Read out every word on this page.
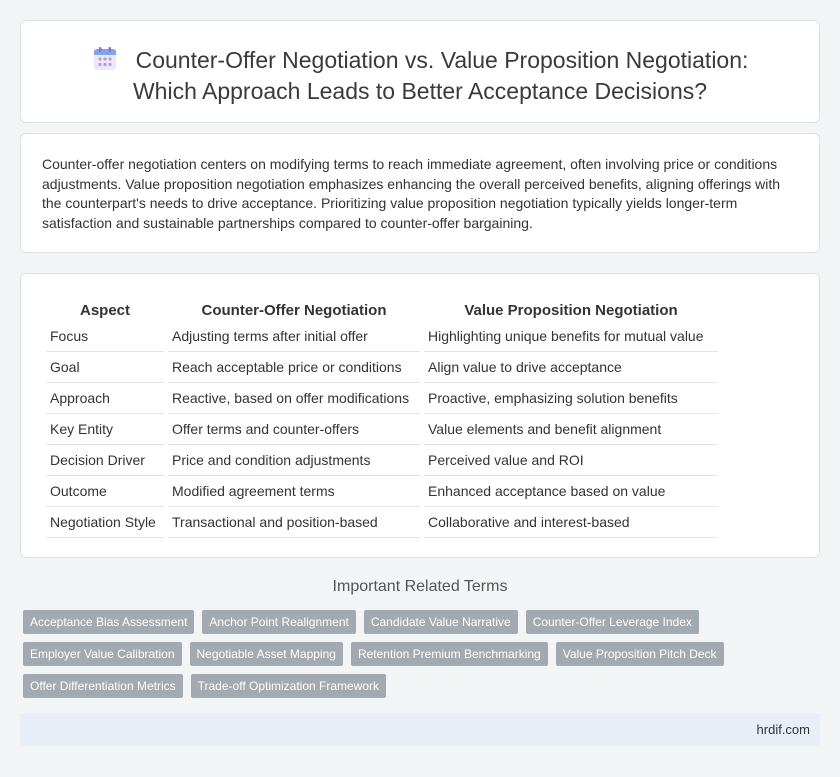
Counter-Offer Negotiation vs. Value Proposition Negotiation:
Which Approach Leads to Better Acceptance Decisions?

Counter-offer negotiation centers on modifying terms to reach immediate agreement, often involving price or conditions adjustments. Value proposition negotiation emphasizes enhancing the overall perceived benefits, aligning offerings with the counterpart's needs to drive acceptance. Prioritizing value proposition negotiation typically yields longer-term satisfaction and sustainable partnerships compared to counter-offer bargaining.

Aspect	Counter-Offer Negotiation	Value Proposition Negotiation
Focus	Adjusting terms after initial offer	Highlighting unique benefits for mutual value
Goal	Reach acceptable price or conditions	Align value to drive acceptance
Approach	Reactive, based on offer modifications	Proactive, emphasizing solution benefits
Key Entity	Offer terms and counter-offers	Value elements and benefit alignment
Decision Driver	Price and condition adjustments	Perceived value and ROI
Outcome	Modified agreement terms	Enhanced acceptance based on value
Negotiation Style	Transactional and position-based	Collaborative and interest-based
Important Related Terms
Acceptance Bias Assessment	Anchor Point Realignment	Candidate Value Narrative	Counter-Offer Leverage Index
Employer Value Calibration	Negotiable Asset Mapping	Retention Premium Benchmarking	Value Proposition Pitch Deck
Offer Differentiation Metrics	Trade-off Optimization Framework
hrdif.com
